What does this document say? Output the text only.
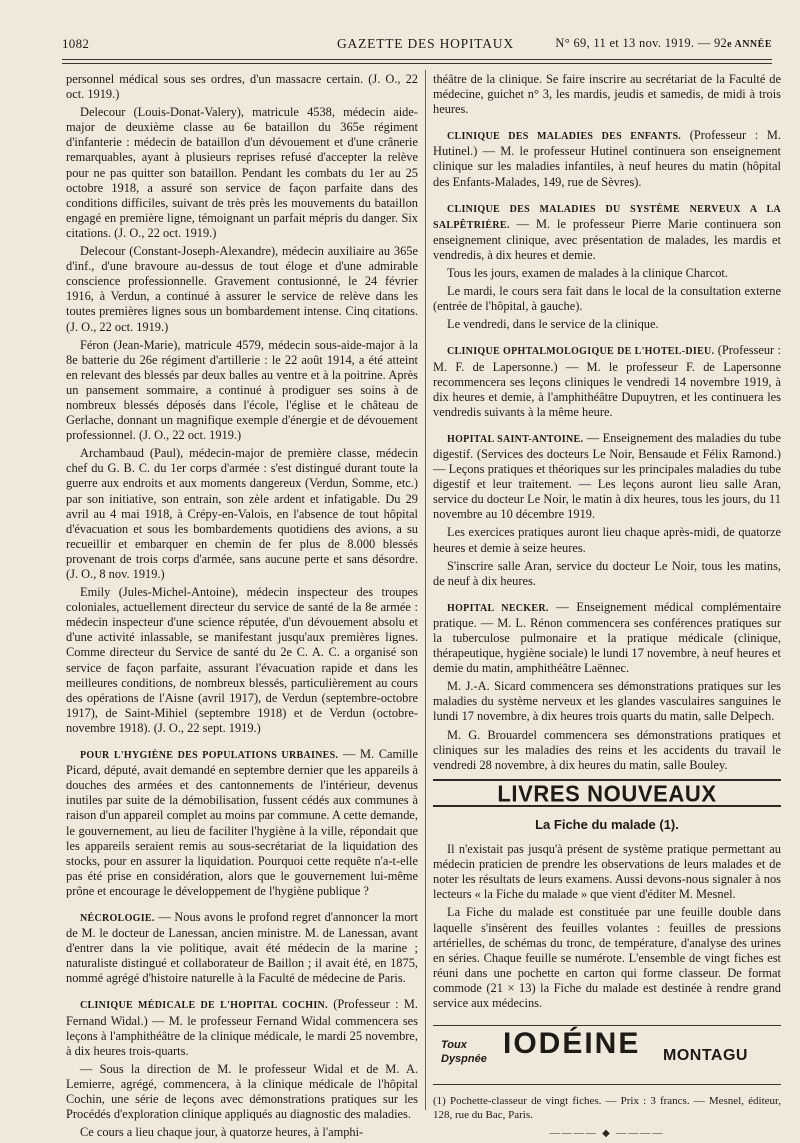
1082	GAZETTE DES HOPITAUX	N° 69, 11 et 13 nov. 1919. — 92e ANNÉE

personnel médical sous ses ordres, d'un massacre certain. (J. O., 22 oct. 1919.)

Delecour (Louis-Donat-Valery), matricule 4538, médecin aide-major de deuxième classe au 6e bataillon du 365e régiment d'infanterie : médecin de bataillon d'un dévouement et d'une crânerie remarquables, ayant à plusieurs reprises refusé d'accepter la relève pour ne pas quitter son bataillon. Pendant les combats du 1er au 25 octobre 1918, a assuré son service de façon parfaite dans des conditions difficiles, suivant de très près les mouvements du bataillon engagé en première ligne, témoignant un parfait mépris du danger. Six citations. (J. O., 22 oct. 1919.)

Delecour (Constant-Joseph-Alexandre), médecin auxiliaire au 365e d'inf., d'une bravoure au-dessus de tout éloge et d'une admirable conscience professionnelle. Gravement contusionné, le 24 février 1916, à Verdun, a continué à assurer le service de relève dans les toutes premières lignes sous un bombardement intense. Cinq citations. (J. O., 22 oct. 1919.)

Féron (Jean-Marie), matricule 4579, médecin sous-aide-major à la 8e batterie du 26e régiment d'artillerie : le 22 août 1914, a été atteint en relevant des blessés par deux balles au ventre et à la poitrine. Après un pansement sommaire, a continué à prodiguer ses soins à de nombreux blessés déposés dans l'école, l'église et le château de Gerlache, donnant un magnifique exemple d'énergie et de dévouement professionnel. (J. O., 22 oct. 1919.)

Archambaud (Paul), médecin-major de première classe, médecin chef du G. B. C. du 1er corps d'armée : s'est distingué durant toute la guerre aux endroits et aux moments dangereux (Verdun, Somme, etc.) par son initiative, son entrain, son zèle ardent et infatigable. Du 29 avril au 4 mai 1918, à Crépy-en-Valois, en l'absence de tout hôpital d'évacuation et sous les bombardements quotidiens des avions, a su recueillir et embarquer en chemin de fer plus de 8.000 blessés provenant de trois corps d'armée, sans aucune perte et sans désordre. (J. O., 8 nov. 1919.)

Emily (Jules-Michel-Antoine), médecin inspecteur des troupes coloniales, actuellement directeur du service de santé de la 8e armée : médecin inspecteur d'une science réputée, d'un dévouement absolu et d'une activité inlassable, se manifestant jusqu'aux premières lignes. Comme directeur du Service de santé du 2e C. A. C. a organisé son service de façon parfaite, assurant l'évacuation rapide et dans les meilleures conditions, de nombreux blessés, particulièrement au cours des opérations de l'Aisne (avril 1917), de Verdun (septembre-octobre 1917), de Saint-Mihiel (septembre 1918) et de Verdun (octobre-novembre 1918). (J. O., 22 sept. 1919.)

POUR L'HYGIÈNE DES POPULATIONS URBAINES. — M. Camille Picard, député, avait demandé en septembre dernier que les appareils à douches des armées et des cantonnements de l'intérieur, devenus inutiles par suite de la démobilisation, fussent cédés aux communes à raison d'un appareil complet au moins par commune. A cette demande, le gouvernement, au lieu de faciliter l'hygiène à la ville, répondait que les appareils seraient remis au sous-secrétariat de la liquidation des stocks, pour en assurer la liquidation. Pourquoi cette requête n'a-t-elle pas été prise en considération, alors que le gouvernement lui-même prône et encourage le développement de l'hygiène publique ?

NÉCROLOGIE. — Nous avons le profond regret d'annoncer la mort de M. le docteur de Lanessan, ancien ministre. M. de Lanessan, avant d'entrer dans la vie politique, avait été médecin de la marine ; naturaliste distingué et collaborateur de Baillon ; il avait été, en 1875, nommé agrégé d'histoire naturelle à la Faculté de médecine de Paris.

CLINIQUE MÉDICALE DE L'HOPITAL COCHIN. (Professeur : M. Fernand Widal.) — M. le professeur Fernand Widal commencera ses leçons à l'amphithéâtre de la clinique médicale, le mardi 25 novembre, à dix heures trois-quarts.

— Sous la direction de M. le professeur Widal et de M. A. Lemierre, agrégé, commencera, à la clinique médicale de l'hôpital Cochin, une série de leçons avec démonstrations pratiques sur les Procédés d'exploration clinique appliqués au diagnostic des maladies.

Ce cours a lieu chaque jour, à quatorze heures, à l'amphi-

théâtre de la clinique. Se faire inscrire au secrétariat de la Faculté de médecine, guichet n° 3, les mardis, jeudis et samedis, de midi à trois heures.

CLINIQUE DES MALADIES DES ENFANTS. (Professeur : M. Hutinel.) — M. le professeur Hutinel continuera son enseignement clinique sur les maladies infantiles, à neuf heures du matin (hôpital des Enfants-Malades, 149, rue de Sèvres).

CLINIQUE DES MALADIES DU SYSTÈME NERVEUX A LA SALPÊTRIÈRE. — M. le professeur Pierre Marie continuera son enseignement clinique, avec présentation de malades, les mardis et vendredis, à dix heures et demie.

Tous les jours, examen de malades à la clinique Charcot.

Le mardi, le cours sera fait dans le local de la consultation externe (entrée de l'hôpital, à gauche).

Le vendredi, dans le service de la clinique.

CLINIQUE OPHTALMOLOGIQUE DE L'HOTEL-DIEU. (Professeur : M. F. de Lapersonne.) — M. le professeur F. de Lapersonne recommencera ses leçons cliniques le vendredi 14 novembre 1919, à dix heures et demie, à l'amphithéâtre Dupuytren, et les continuera les vendredis suivants à la même heure.

HOPITAL SAINT-ANTOINE. — Enseignement des maladies du tube digestif. (Services des docteurs Le Noir, Bensaude et Félix Ramond.) — Leçons pratiques et théoriques sur les principales maladies du tube digestif et leur traitement. — Les leçons auront lieu salle Aran, service du docteur Le Noir, le matin à dix heures, tous les jours, du 11 novembre au 10 décembre 1919.

Les exercices pratiques auront lieu chaque après-midi, de quatorze heures et demie à seize heures.

S'inscrire salle Aran, service du docteur Le Noir, tous les matins, de neuf à dix heures.

HOPITAL NECKER. — Enseignement médical complémentaire pratique. — M. L. Rénon commencera ses conférences pratiques sur la tuberculose pulmonaire et la pratique médicale (clinique, thérapeutique, hygiène sociale) le lundi 17 novembre, à neuf heures et demie du matin, amphithéâtre Laënnec.

M. J.-A. Sicard commencera ses démonstrations pratiques sur les maladies du système nerveux et les glandes vasculaires sanguines le lundi 17 novembre, à dix heures trois quarts du matin, salle Delpech.

M. G. Brouardel commencera ses démonstrations pratiques et cliniques sur les maladies des reins et les accidents du travail le vendredi 28 novembre, à dix heures du matin, salle Bouley.

LIVRES NOUVEAUX
La Fiche du malade (1).

Il n'existait pas jusqu'à présent de système pratique permettant au médecin praticien de prendre les observations de leurs malades et de noter les résultats de leurs examens. Aussi devons-nous signaler à nos lecteurs « la Fiche du malade » que vient d'éditer M. Mesnel.

La Fiche du malade est constituée par une feuille double dans laquelle s'insèrent des feuilles volantes : feuilles de pressions artérielles, de schémas du tronc, de température, d'analyse des urines en séries. Chaque feuille se numérote. L'ensemble de vingt fiches est réuni dans une pochette en carton qui forme classeur. De format commode (21 × 13) la Fiche du malade est destinée à rendre grand service aux médecins.

Toux
Dyspnée IODÉINE MONTAGU

(1) Pochette-classeur de vingt fiches. — Prix : 3 francs. — Mesnel, éditeur, 128, rue du Bac, Paris.

———— ◆ ————
